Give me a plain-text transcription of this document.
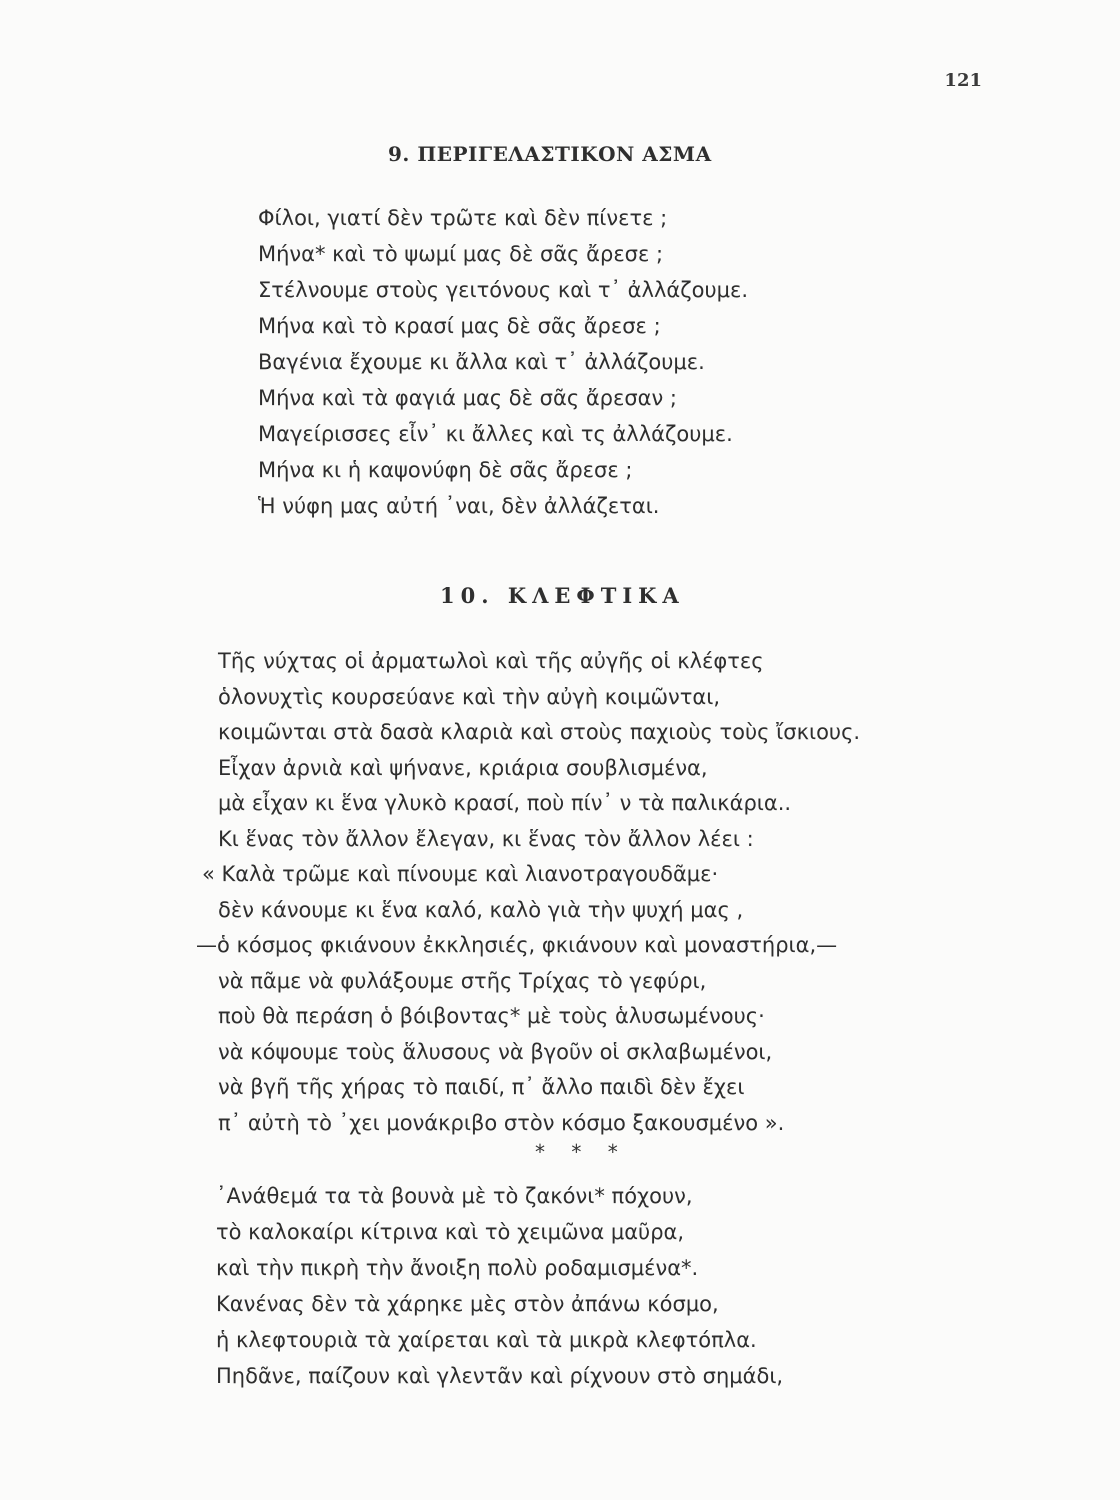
121
9. ΠΕΡΙΓΕΛΑΣΤΙΚΟΝ ΑΣΜΑ
Φίλοι, γιατί δὲν τρῶτε καὶ δὲν πίνετε ;
Μήνα* καὶ τὸ ψωμί μας δὲ σᾶς ἄρεσε ;
Στέλνουμε στοὺς γειτόνους καὶ τ᾽ ἀλλάζουμε.
Μήνα καὶ τὸ κρασί μας δὲ σᾶς ἄρεσε ;
Βαγένια ἔχουμε κι ἄλλα καὶ τ᾽ ἀλλάζουμε.
Μήνα καὶ τὰ φαγιά μας δὲ σᾶς ἄρεσαν ;
Μαγείρισσες εἶν᾽ κι ἄλλες καὶ τς ἀλλάζουμε.
Μήνα κι ἡ καψονύφη δὲ σᾶς ἄρεσε ;
Ἡ νύφη μας αὐτή ᾽ναι, δὲν ἀλλάζεται.
10. ΚΛΕΦΤΙΚΑ
Τῆς νύχτας οἱ ἀρματωλοὶ καὶ τῆς αὐγῆς οἱ κλέφτες
ὁλονυχτὶς κουρσεύανε καὶ τὴν αὐγὴ κοιμῶνται,
κοιμῶνται στὰ δασὰ κλαριὰ καὶ στοὺς παχιοὺς τοὺς ἴσκιους.
Εἶχαν ἀρνιὰ καὶ ψήνανε, κριάρια σουβλισμένα,
μὰ εἶχαν κι ἕνα γλυκὸ κρασί, ποὺ πίν᾽ ν τὰ παλικάρια..
Κι ἕνας τὸν ἄλλον ἔλεγαν, κι ἕνας τὸν ἄλλον λέει :
« Καλὰ τρῶμε καὶ πίνουμε καὶ λιανοτραγουδᾶμε·
δὲν κάνουμε κι ἕνα καλό, καλὸ γιὰ τὴν ψυχή μας ,
—ὁ κόσμος φκιάνουν ἐκκλησιές, φκιάνουν καὶ μοναστήρια,—
νὰ πᾶμε νὰ φυλάξουμε στῆς Τρίχας τὸ γεφύρι,
ποὺ θὰ περάση ὁ βόιβοντας* μὲ τοὺς ἁλυσωμένους·
νὰ κόψουμε τοὺς ἅλυσους νὰ βγοῦν οἱ σκλαβωμένοι,
νὰ βγῆ τῆς χήρας τὸ παιδί, π᾽ ἄλλο παιδὶ δὲν ἔχει
π᾽ αὐτὴ τὸ ᾽χει μονάκριβο στὸν κόσμο ξακουσμένο ».
* * *
᾽Ανάθεμά τα τὰ βουνὰ μὲ τὸ ζακόνι* πόχουν,
τὸ καλοκαίρι κίτρινα καὶ τὸ χειμῶνα μαῦρα,
καὶ τὴν πικρὴ τὴν ἄνοιξη πολὺ ροδαμισμένα*.
Κανένας δὲν τὰ χάρηκε μὲς στὸν ἀπάνω κόσμο,
ἡ κλεφτουριὰ τὰ χαίρεται καὶ τὰ μικρὰ κλεφτόπλα.
Πηδᾶνε, παίζουν καὶ γλεντᾶν καὶ ρίχνουν στὸ σημάδι,
